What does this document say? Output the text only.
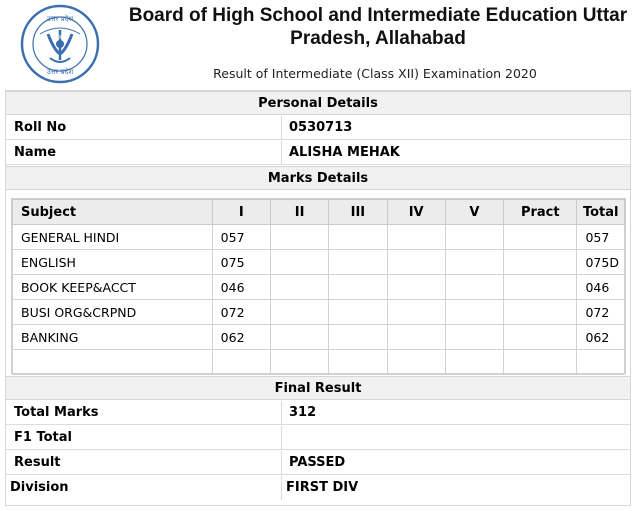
उत्तर प्रदेश
उत्तर प्रदेश
अ
Board of High School and Intermediate Education Uttar Pradesh, Allahabad
Result of Intermediate (Class XII) Examination 2020
Personal Details
Roll No	0530713
Name	ALISHA MEHAK
Marks Details
Subject	I	II	III	IV	V	Pract	Total
GENERAL HINDI	057						057
ENGLISH	075						075D
BOOK KEEP&ACCT	046						046
BUSI ORG&CRPND	072						072
BANKING	062						062

Final Result
Total Marks	312
F1 Total
Result	PASSED
Division	FIRST DIV
